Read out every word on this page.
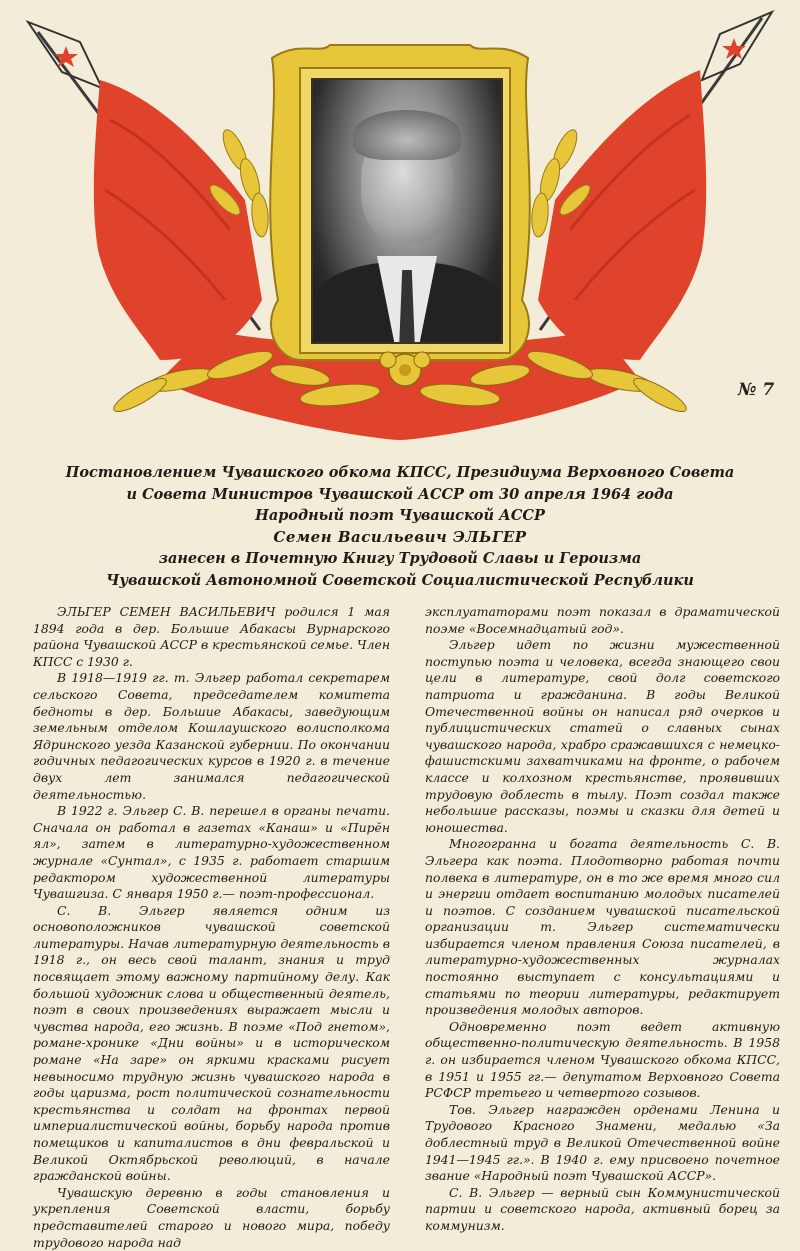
№ 7
Постановлением Чувашского обкома КПСС, Президиума Верховного Совета
и Совета Министров Чувашской АССР от 30 апреля 1964 года
Народный поэт Чувашской АССР
Семен Васильевич ЭЛЬГЕР
занесен в Почетную Книгу Трудовой Славы и Героизма
Чувашской Автономной Советской Социалистической Республики

ЭЛЬГЕР СЕМЕН ВАСИЛЬЕВИЧ родился 1 мая 1894 года в дер. Большие Абакасы Вурнарского района Чувашской АССР в крестьянской семье. Член КПСС с 1930 г.

В 1918—1919 гг. т. Эльгер работал секретарем сельского Совета, председателем комитета бедноты в дер. Большие Абакасы, заведующим земельным отделом Кошлаушского волисполкома Ядринского уезда Казанской губернии. По окончании годичных педагогических курсов в 1920 г. в течение двух лет занимался педагогической деятельностью.

В 1922 г. Эльгер С. В. перешел в органы печати. Сначала он работал в газетах «Канаш» и «Пирĕн ял», затем в литературно-художественном журнале «Сунтал», с 1935 г. работает старшим редактором художественной литературы Чувашгиза. С января 1950 г.— поэт-профессионал.

С. В. Эльгер является одним из основоположников чувашской советской литературы. Начав литературную деятельность в 1918 г., он весь свой талант, знания и труд посвящает этому важному партийному делу. Как большой художник слова и общественный деятель, поэт в своих произведениях выражает мысли и чувства народа, его жизнь. В поэме «Под гнетом», романе-хронике «Дни войны» и в историческом романе «На заре» он яркими красками рисует невыносимо трудную жизнь чувашского народа в годы царизма, рост политической сознательности крестьянства и солдат на фронтах первой империалистической войны, борьбу народа против помещиков и капиталистов в дни февральской и Великой Октябрьской революций, в начале гражданской войны.

Чувашскую деревню в годы становления и укрепления Советской власти, борьбу представителей старого и нового мира, победу трудового народа над

эксплуататорами поэт показал в драматической поэме «Восемнадцатый год».

Эльгер идет по жизни мужественной поступью поэта и человека, всегда знающего свои цели в литературе, свой долг советского патриота и гражданина. В годы Великой Отечественной войны он написал ряд очерков и публицистических статей о славных сынах чувашского народа, храбро сражавшихся с немецко-фашистскими захватчиками на фронте, о рабочем классе и колхозном крестьянстве, проявивших трудовую доблесть в тылу. Поэт создал также небольшие рассказы, поэмы и сказки для детей и юношества.

Многогранна и богата деятельность С. В. Эльгера как поэта. Плодотворно работая почти полвека в литературе, он в то же время много сил и энергии отдает воспитанию молодых писателей и поэтов. С созданием чувашской писательской организации т. Эльгер систематически избирается членом правления Союза писателей, в литературно-художественных журналах постоянно выступает с консультациями и статьями по теории литературы, редактирует произведения молодых авторов.

Одновременно поэт ведет активную общественно-политическую деятельность. В 1958 г. он избирается членом Чувашского обкома КПСС, в 1951 и 1955 гг.— депутатом Верховного Совета РСФСР третьего и четвертого созывов.

Тов. Эльгер награжден орденами Ленина и Трудового Красного Знамени, медалью «За доблестный труд в Великой Отечественной войне 1941—1945 гг.». В 1940 г. ему присвоено почетное звание «Народный поэт Чувашской АССР».

С. В. Эльгер — верный сын Коммунистической партии и советского народа, активный борец за коммунизм.
